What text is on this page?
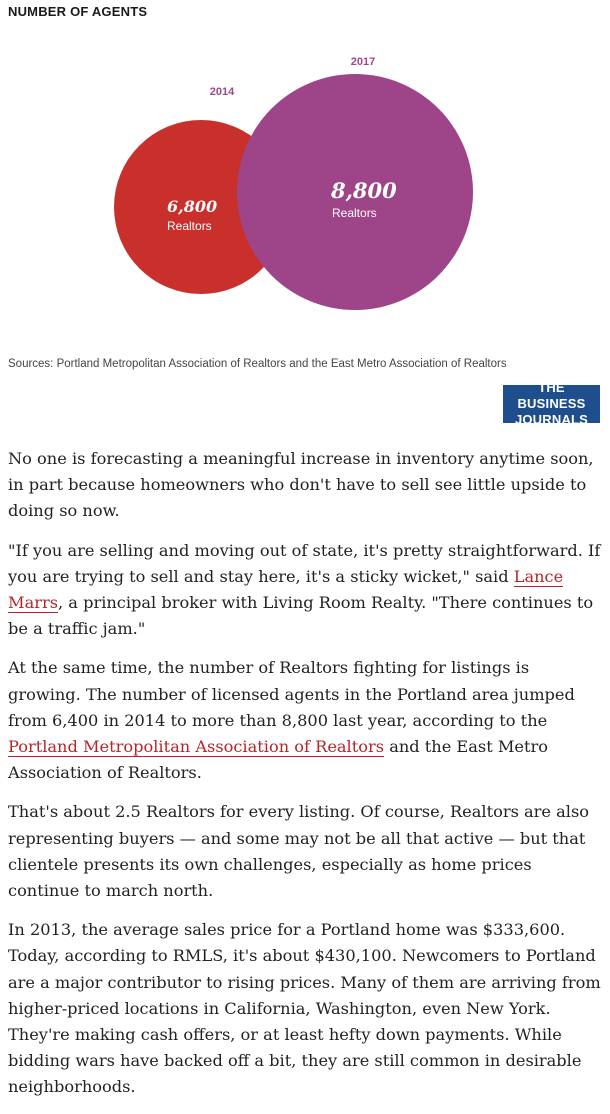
NUMBER OF AGENTS
2014
2017
6,800
Realtors
8,800
Realtors
Sources: Portland Metropolitan Association of Realtors and the East Metro Association of Realtors
THE BUSINESS
JOURNALS

No one is forecasting a meaningful increase in inventory anytime soon, in part because homeowners who don't have to sell see little upside to doing so now.

"If you are selling and moving out of state, it's pretty straightforward. If you are trying to sell and stay here, it's a sticky wicket," said Lance Marrs, a principal broker with Living Room Realty. "There continues to be a traffic jam."

At the same time, the number of Realtors fighting for listings is growing. The number of licensed agents in the Portland area jumped from 6,400 in 2014 to more than 8,800 last year, according to the Portland Metropolitan Association of Realtors and the East Metro Association of Realtors.

That's about 2.5 Realtors for every listing. Of course, Realtors are also representing buyers — and some may not be all that active — but that clientele presents its own challenges, especially as home prices continue to march north.

In 2013, the average sales price for a Portland home was $333,600. Today, according to RMLS, it's about $430,100. Newcomers to Portland are a major contributor to rising prices. Many of them are arriving from higher-priced locations in California, Washington, even New York. They're making cash offers, or at least hefty down payments. While bidding wars have backed off a bit, they are still common in desirable neighborhoods.
